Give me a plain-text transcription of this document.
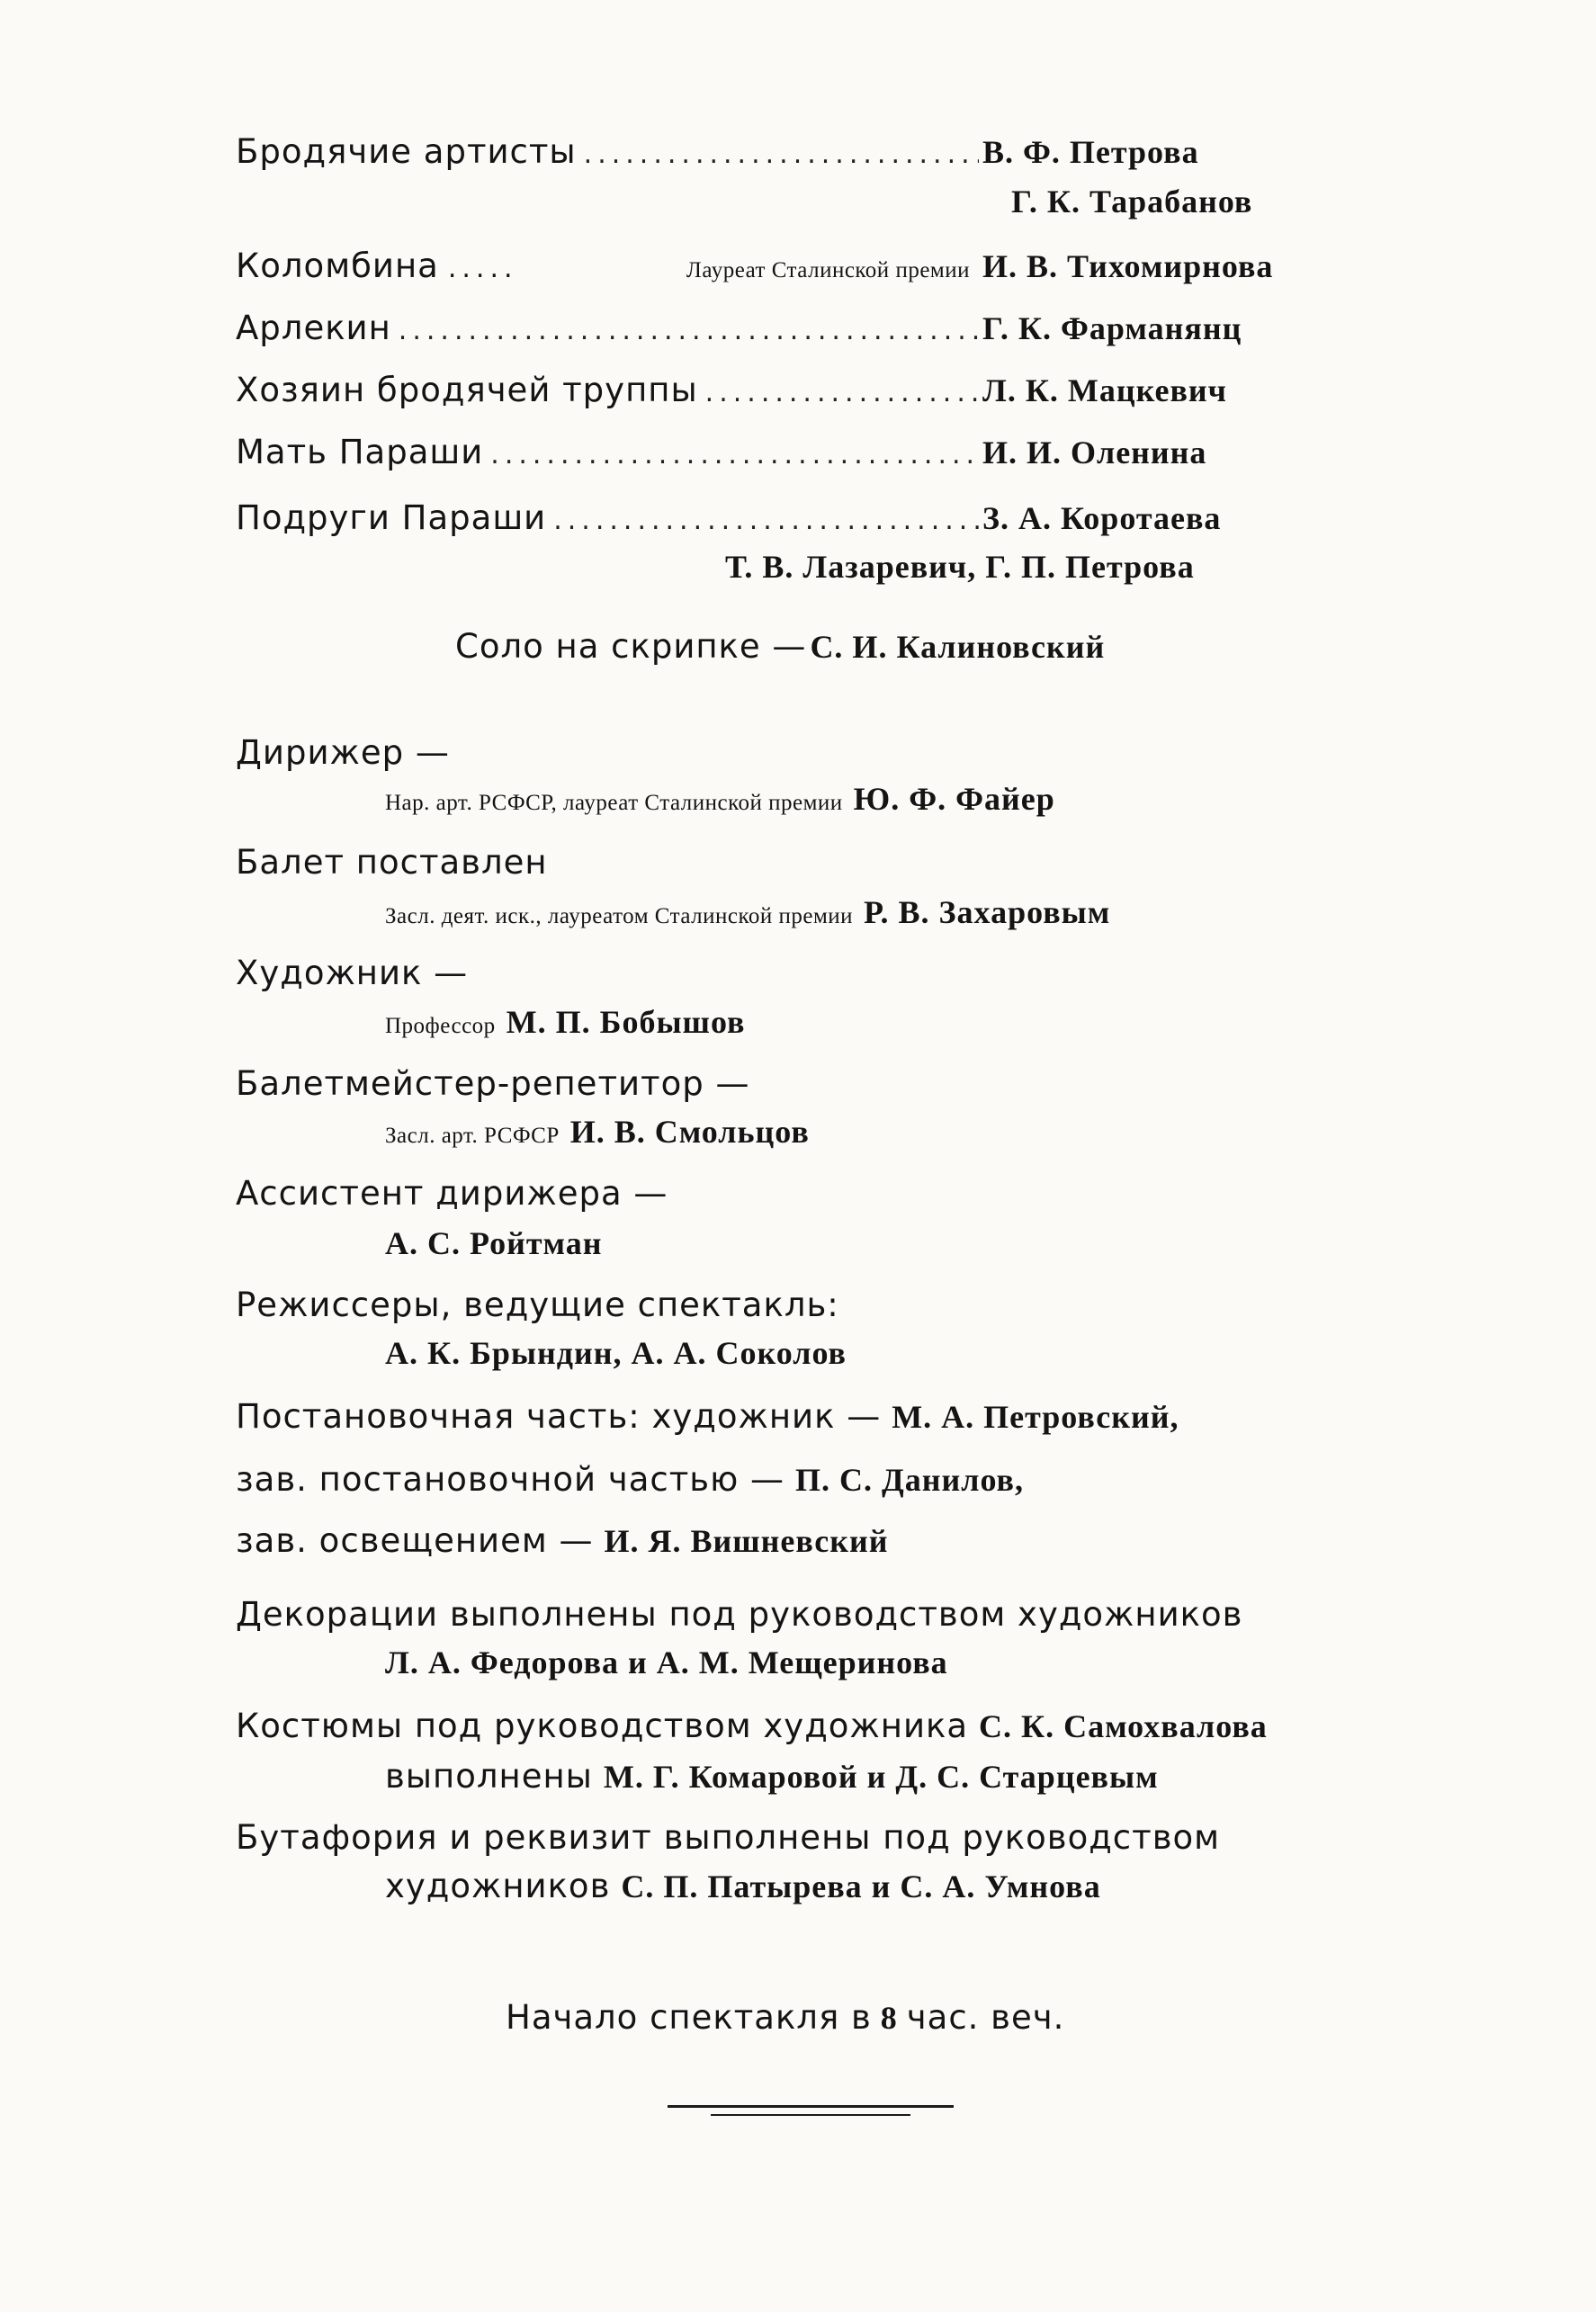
Бродячие артисты .....	В. Ф. Петрова
Г. К. Тарабанов
Коломбина .....	Лауреат Сталинской премии И. В. Тихомирнова
Арлекин .....	Г. К. Фарманянц
Хозяин бродячей труппы .....	Л. К. Мацкевич
Мать Параши .....	И. И. Оленина
Подруги Параши .....	З. А. Коротаева
Т. В. Лазаревич, Г. П. Петрова
Соло на скрипке — С. И. Калиновский
Дирижер —
Нар. арт. РСФСР, лауреат Сталинской премии Ю. Ф. Файер
Балет поставлен
Засл. деят. иск., лауреатом Сталинской премии Р. В. Захаровым
Художник —
Профессор М. П. Бобышов
Балетмейстер-репетитор —
Засл. арт. РСФСР И. В. Смольцов
Ассистент дирижера —
А. С. Ройтман
Режиссеры, ведущие спектакль:
А. К. Брындин, А. А. Соколов
Постановочная часть: художник — М. А. Петровский,
зав. постановочной частью — П. С. Данилов,
зав. освещением — И. Я. Вишневский
Декорации выполнены под руководством художников
Л. А. Федорова и А. М. Мещеринова
Костюмы под руководством художника С. К. Самохвалова
выполнены М. Г. Комаровой и Д. С. Старцевым
Бутафория и реквизит выполнены под руководством
художников С. П. Патырева и С. А. Умнова
Начало спектакля в 8 час. веч.
